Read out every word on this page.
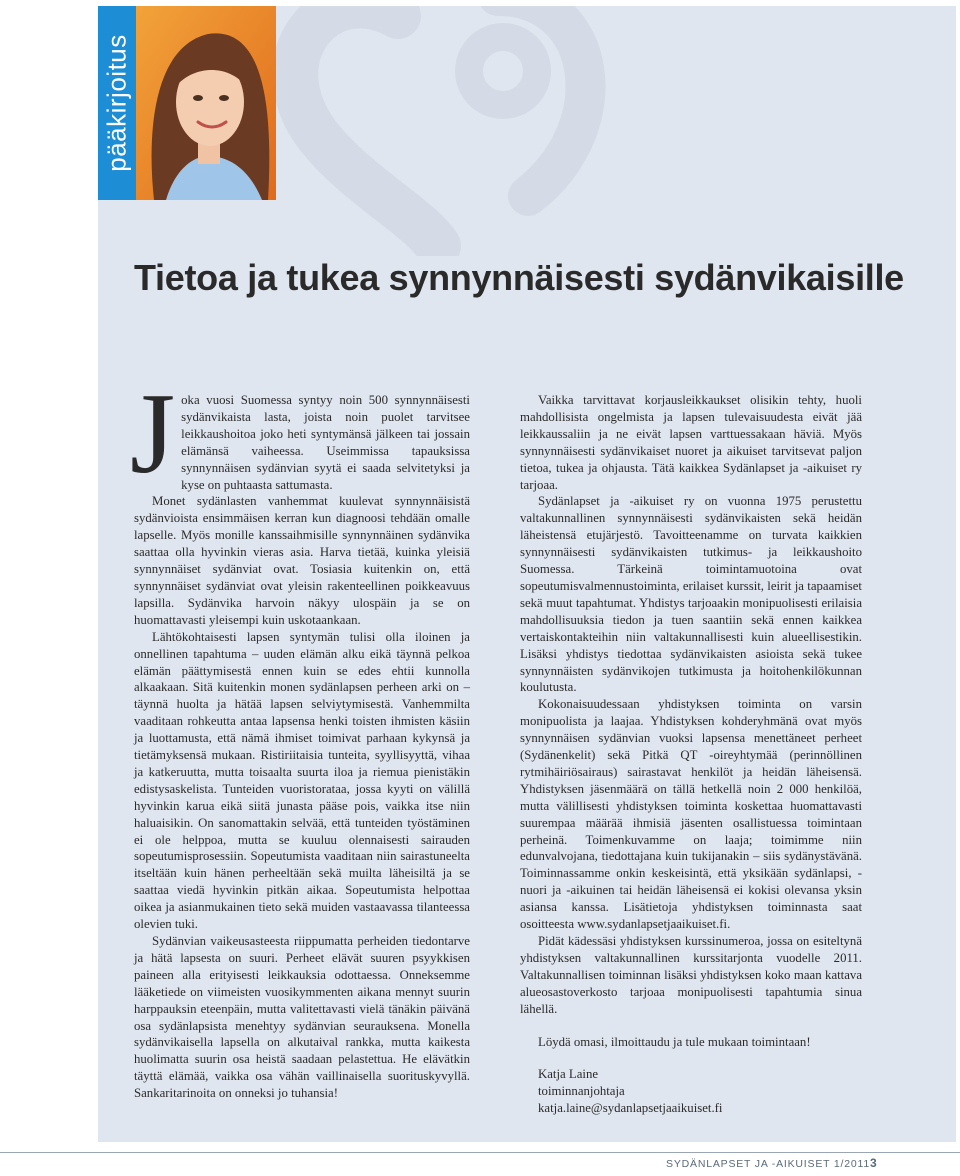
pääkirjoitus
Tietoa ja tukea synnynnäisesti sydänvikaisille

Joka vuosi Suomessa syntyy noin 500 synnynnäisesti sydänvikaista lasta, joista noin puolet tarvitsee leikkaushoitoa joko heti syntymänsä jälkeen tai jossain elämänsä vaiheessa. Useimmissa tapauksissa synnynnäisen sydänvian syytä ei saada selvitetyksi ja kyse on puhtaasta sattumasta.

Monet sydänlasten vanhemmat kuulevat synnynnäisistä sydänvioista ensimmäisen kerran kun diagnoosi tehdään omalle lapselle. Myös monille kanssaihmisille synnynnäinen sydänvika saattaa olla hyvinkin vieras asia. Harva tietää, kuinka yleisiä synnynnäiset sydänviat ovat. Tosiasia kuitenkin on, että synnynnäiset sydänviat ovat yleisin rakenteellinen poikkeavuus lapsilla. Sydänvika harvoin näkyy ulospäin ja se on huomattavasti yleisempi kuin uskotaankaan.

Lähtökohtaisesti lapsen syntymän tulisi olla iloinen ja onnellinen tapahtuma – uuden elämän alku eikä täynnä pelkoa elämän päättymisestä ennen kuin se edes ehtii kunnolla alkaakaan. Sitä kuitenkin monen sydänlapsen perheen arki on – täynnä huolta ja hätää lapsen selviytymisestä. Vanhemmilta vaaditaan rohkeutta antaa lapsensa henki toisten ihmisten käsiin ja luottamusta, että nämä ihmiset toimivat parhaan kykynsä ja tietämyksensä mukaan. Ristiriitaisia tunteita, syyllisyyttä, vihaa ja katkeruutta, mutta toisaalta suurta iloa ja riemua pienistäkin edistysaskelista. Tunteiden vuoristorataa, jossa kyyti on välillä hyvinkin karua eikä siitä junasta pääse pois, vaikka itse niin haluaisikin. On sanomattakin selvää, että tunteiden työstäminen ei ole helppoa, mutta se kuuluu olennaisesti sairauden sopeutumisprosessiin. Sopeutumista vaaditaan niin sairastuneelta itseltään kuin hänen perheeltään sekä muilta läheisiltä ja se saattaa viedä hyvinkin pitkän aikaa. Sopeutumista helpottaa oikea ja asianmukainen tieto sekä muiden vastaavassa tilanteessa olevien tuki.

Sydänvian vaikeusasteesta riippumatta perheiden tiedontarve ja hätä lapsesta on suuri. Perheet elävät suuren psyykkisen paineen alla erityisesti leikkauksia odottaessa. Onneksemme lääketiede on viimeisten vuosikymmenten aikana mennyt suurin harppauksin eteenpäin, mutta valitettavasti vielä tänäkin päivänä osa sydänlapsista menehtyy sydänvian seurauksena. Monella sydänvikaisella lapsella on alkutaival rankka, mutta kaikesta huolimatta suurin osa heistä saadaan pelastettua. He elävätkin täyttä elämää, vaikka osa vähän vaillinaisella suorituskyvyllä. Sankaritarinoita on onneksi jo tuhansia!

Vaikka tarvittavat korjausleikkaukset olisikin tehty, huoli mahdollisista ongelmista ja lapsen tulevaisuudesta eivät jää leikkaussaliin ja ne eivät lapsen varttuessakaan häviä. Myös synnynnäisesti sydänvikaiset nuoret ja aikuiset tarvitsevat paljon tietoa, tukea ja ohjausta. Tätä kaikkea Sydänlapset ja -aikuiset ry tarjoaa.

Sydänlapset ja -aikuiset ry on vuonna 1975 perustettu valtakunnallinen synnynnäisesti sydänvikaisten sekä heidän läheistensä etujärjestö. Tavoitteenamme on turvata kaikkien synnynnäisesti sydänvikaisten tutkimus- ja leikkaushoito Suomessa. Tärkeinä toimintamuotoina ovat sopeutumisvalmennustoiminta, erilaiset kurssit, leirit ja tapaamiset sekä muut tapahtumat. Yhdistys tarjoaakin monipuolisesti erilaisia mahdollisuuksia tiedon ja tuen saantiin sekä ennen kaikkea vertaiskontakteihin niin valtakunnallisesti kuin alueellisestikin. Lisäksi yhdistys tiedottaa sydänvikaisten asioista sekä tukee synnynnäisten sydänvikojen tutkimusta ja hoitohenkilökunnan koulutusta.

Kokonaisuudessaan yhdistyksen toiminta on varsin monipuolista ja laajaa. Yhdistyksen kohderyhmänä ovat myös synnynnäisen sydänvian vuoksi lapsensa menettäneet perheet (Sydänenkelit) sekä Pitkä QT -oireyhtymää (perinnöllinen rytmihäiriösairaus) sairastavat henkilöt ja heidän läheisensä. Yhdistyksen jäsenmäärä on tällä hetkellä noin 2 000 henkilöä, mutta välillisesti yhdistyksen toiminta koskettaa huomattavasti suurempaa määrää ihmisiä jäsenten osallistuessa toimintaan perheinä. Toimenkuvamme on laaja; toimimme niin edunvalvojana, tiedottajana kuin tukijanakin – siis sydänystävänä. Toiminnassamme onkin keskeisintä, että yksikään sydänlapsi, -nuori ja -aikuinen tai heidän läheisensä ei kokisi olevansa yksin asiansa kanssa. Lisätietoja yhdistyksen toiminnasta saat osoitteesta www.sydanlapsetjaaikuiset.fi.

Pidät kädessäsi yhdistyksen kurssinumeroa, jossa on esiteltynä yhdistyksen valtakunnallinen kurssitarjonta vuodelle 2011. Valtakunnallisen toiminnan lisäksi yhdistyksen koko maan kattava alueosastoverkosto tarjoaa monipuolisesti tapahtumia sinua lähellä.

Löydä omasi, ilmoittaudu ja tule mukaan toimintaan!

Katja Laine

toiminnanjohtaja

katja.laine@sydanlapsetjaaikuiset.fi

SYDÄNLAPSET JA -AIKUISET 1/2011 3
